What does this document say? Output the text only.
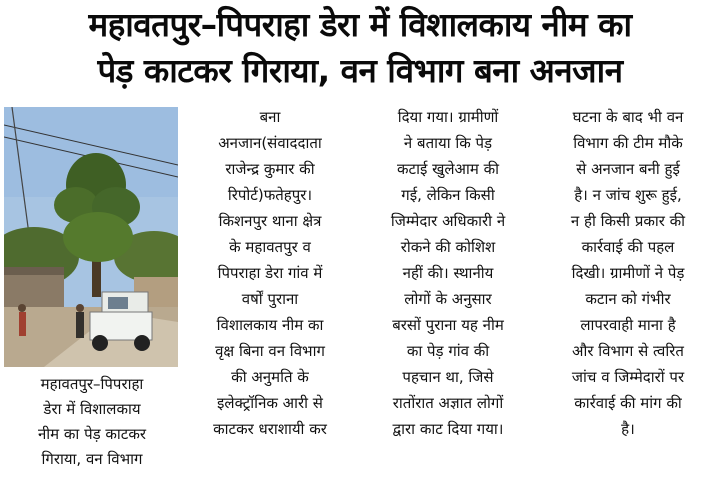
महावतपुर–पिपराहा डेरा में विशालकाय नीम का
पेड़ काटकर गिराया, वन विभाग बना अनजान
महावतपुर–पिपराहा
डेरा में विशालकाय
नीम का पेड़ काटकर
गिराया, वन विभाग
बना
अनजान(संवाददाता
राजेन्द्र कुमार की
रिपोर्ट)फतेहपुर।
किशनपुर थाना क्षेत्र
के महावतपुर व
पिपराहा डेरा गांव में
वर्षों पुराना
विशालकाय नीम का
वृक्ष बिना वन विभाग
की अनुमति के
इलेक्ट्रॉनिक आरी से
काटकर धराशायी कर
दिया गया। ग्रामीणों
ने बताया कि पेड़
कटाई खुलेआम की
गई, लेकिन किसी
जिम्मेदार अधिकारी ने
रोकने की कोशिश
नहीं की। स्थानीय
लोगों के अनुसार
बरसों पुराना यह नीम
का पेड़ गांव की
पहचान था, जिसे
रातोंरात अज्ञात लोगों
द्वारा काट दिया गया।
घटना के बाद भी वन
विभाग की टीम मौके
से अनजान बनी हुई
है। न जांच शुरू हुई,
न ही किसी प्रकार की
कार्रवाई की पहल
दिखी। ग्रामीणों ने पेड़
कटान को गंभीर
लापरवाही माना है
और विभाग से त्वरित
जांच व जिम्मेदारों पर
कार्रवाई की मांग की
है।
